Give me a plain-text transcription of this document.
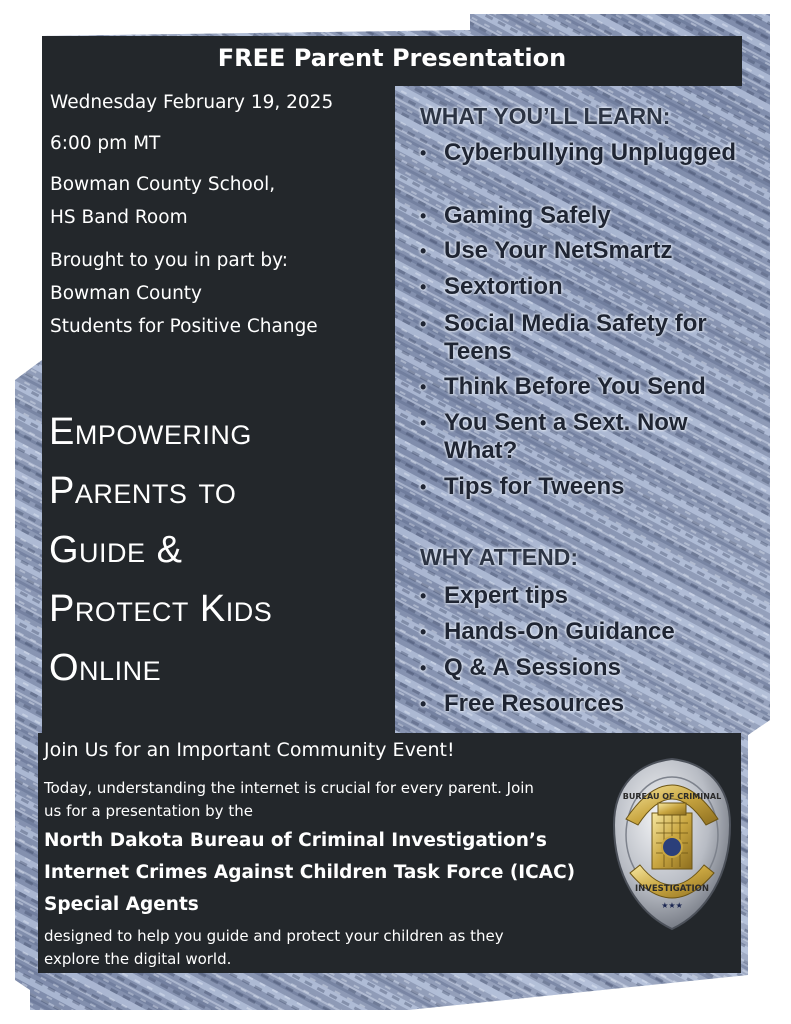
FREE Parent Presentation
Wednesday February 19, 2025
6:00 pm MT
Bowman County School,
HS Band Room
Brought to you in part by:
Bowman County
Students for Positive Change
Empowering
Parents to
Guide &
Protect Kids
Online
WHAT YOU’LL LEARN:
• Cyberbullying Unplugged
• Gaming Safely
• Use Your NetSmartz
• Sextortion
• Social Media Safety for Teens
• Think Before You Send
• You Sent a Sext. Now What?
• Tips for Tweens
WHY ATTEND:
• Expert tips
• Hands-On Guidance
• Q & A Sessions
• Free Resources
Join Us for an Important Community Event!
Today, understanding the internet is crucial for every parent. Join
us for a presentation by the
North Dakota Bureau of Criminal Investigation’s
Internet Crimes Against Children Task Force (ICAC)
Special Agents
designed to help you guide and protect your children as they
explore the digital world.
BUREAU OF CRIMINAL
INVESTIGATION
★★★
